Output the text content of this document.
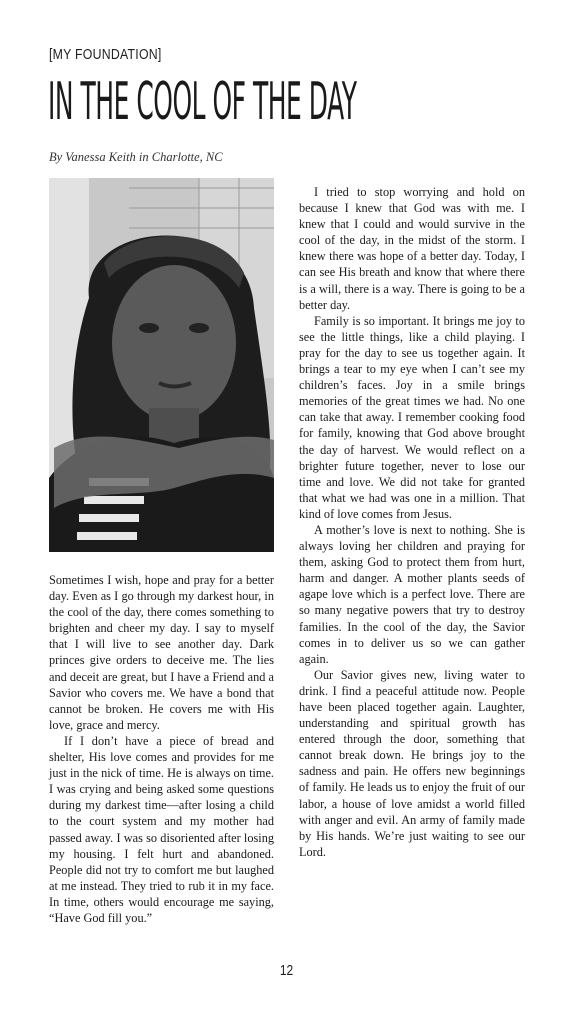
[MY FOUNDATION]
IN THE COOL OF THE DAY
By Vanessa Keith in Charlotte, NC

Sometimes I wish, hope and pray for a better day. Even as I go through my darkest hour, in the cool of the day, there comes something to brighten and cheer my day. I say to myself that I will live to see another day. Dark princes give orders to deceive me. The lies and deceit are great, but I have a Friend and a Savior who covers me. We have a bond that cannot be broken. He covers me with His love, grace and mercy.

If I don’t have a piece of bread and shelter, His love comes and provides for me just in the nick of time. He is always on time. I was crying and being asked some questions during my darkest time—after losing a child to the court system and my mother had passed away. I was so disoriented after losing my housing. I felt hurt and abandoned. People did not try to comfort me but laughed at me instead. They tried to rub it in my face. In time, others would encourage me saying, “Have God fill you.”

I tried to stop worrying and hold on because I knew that God was with me. I knew that I could and would survive in the cool of the day, in the midst of the storm. I knew there was hope of a better day. Today, I can see His breath and know that where there is a will, there is a way. There is going to be a better day.

Family is so important. It brings me joy to see the little things, like a child playing. I pray for the day to see us together again. It brings a tear to my eye when I can’t see my children’s faces. Joy in a smile brings memories of the great times we had. No one can take that away. I remember cooking food for family, knowing that God above brought the day of harvest. We would reflect on a brighter future together, never to lose our time and love. We did not take for granted that what we had was one in a million. That kind of love comes from Jesus.

A mother’s love is next to nothing. She is always loving her children and praying for them, asking God to protect them from hurt, harm and danger. A mother plants seeds of agape love which is a perfect love. There are so many negative powers that try to destroy families. In the cool of the day, the Savior comes in to deliver us so we can gather again.

Our Savior gives new, living water to drink. I find a peaceful attitude now. People have been placed together again. Laughter, understanding and spiritual growth has entered through the door, something that cannot break down. He brings joy to the sadness and pain. He offers new beginnings of family. He leads us to enjoy the fruit of our labor, a house of love amidst a world filled with anger and evil. An army of family made by His hands. We’re just waiting to see our Lord.

12
